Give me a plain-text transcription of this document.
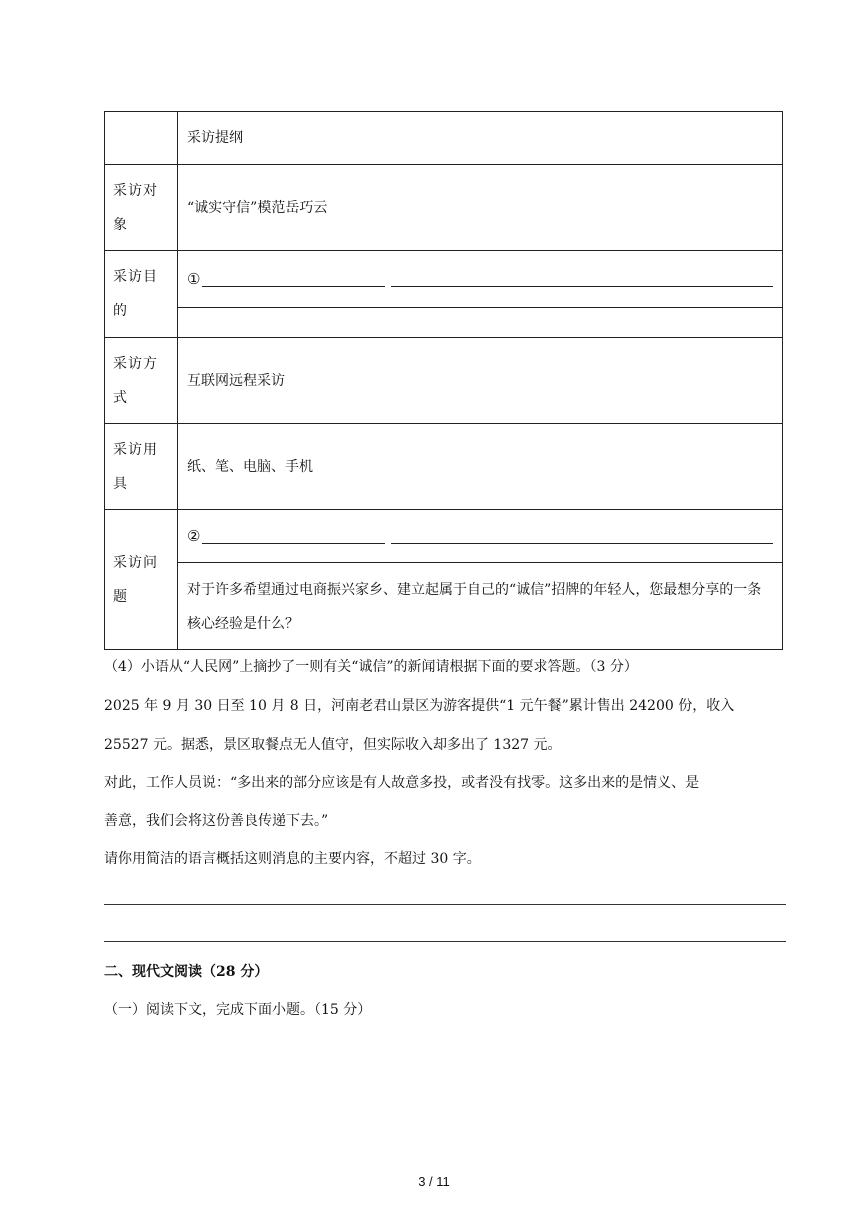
	采访提纲
采访对象	“诚实守信”模范岳巧云
采访目的	①

采访方式	互联网远程采访
采访用具	纸、笔、电脑、手机
采访问题	②
对于许多希望通过电商振兴家乡、建立起属于自己的“诚信”招牌的年轻人，您最想分享的一条核心经验是什么？
（4）小语从“人民网”上摘抄了一则有关“诚信”的新闻请根据下面的要求答题。（3 分）
2025 年 9 月 30 日至 10 月 8 日，河南老君山景区为游客提供“1 元午餐”累计售出 24200 份，收入
25527 元。据悉，景区取餐点无人值守，但实际收入却多出了 1327 元。
对此，工作人员说：“多出来的部分应该是有人故意多投，或者没有找零。这多出来的是情义、是
善意，我们会将这份善良传递下去。”
请你用简洁的语言概括这则消息的主要内容，不超过 30 字。
二、现代文阅读（28 分）
（一）阅读下文，完成下面小题。（15 分）
3 / 11
